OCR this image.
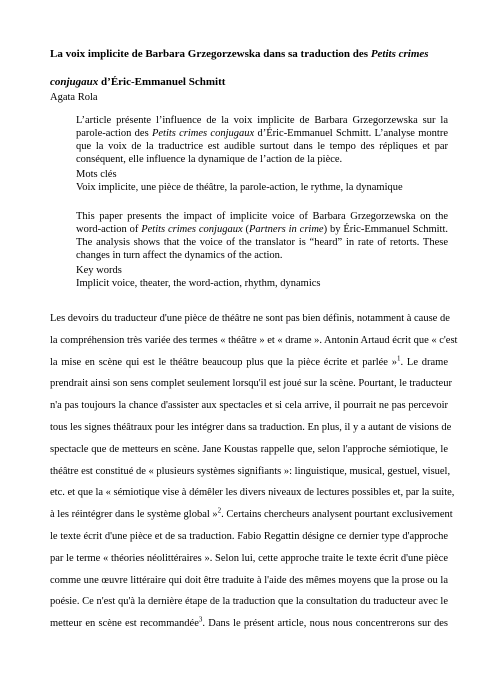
La voix implicite de Barbara Grzegorzewska dans sa traduction des Petits crimes
conjugaux d’Éric-Emmanuel Schmitt
Agata Rola

L’article présente l’influence de la voix implicite de Barbara Grzegorzewska sur la parole-action des Petits crimes conjugaux d’Éric-Emmanuel Schmitt. L’analyse montre que la voix de la traductrice est audible surtout dans le tempo des répliques et par conséquent, elle influence la dynamique de l’action de la pièce.

Mots clés

Voix implicite, une pièce de théâtre, la parole-action, le rythme, la dynamique

This paper presents the impact of implicite voice of Barbara Grzegorzewska on the word-action of Petits crimes conjugaux (Partners in crime) by Éric-Emmanuel Schmitt. The analysis shows that the voice of the translator is “heard” in rate of retorts. These changes in turn affect the dynamics of the action.

Key words

Implicit voice, theater, the word-action, rhythm, dynamics

Les devoirs du traducteur d'une pièce de théâtre ne sont pas bien définis, notamment à cause de
la compréhension très variée des termes « théâtre » et « drame ». Antonin Artaud écrit que « c'est
la mise en scène qui est le théâtre beaucoup plus que la pièce écrite et parlée »$^1$. Le drame
prendrait ainsi son sens complet seulement lorsqu'il est joué sur la scène. Pourtant, le traducteur
n'a pas toujours la chance d'assister aux spectacles et si cela arrive, il pourrait ne pas percevoir
tous les signes théâtraux pour les intégrer dans sa traduction. En plus, il y a autant de visions de
spectacle que de metteurs en scène. Jane Koustas rappelle que, selon l'approche sémiotique, le
théâtre est constitué de « plusieurs systèmes signifiants »: linguistique, musical, gestuel, visuel,
etc. et que la « sémiotique vise à démêler les divers niveaux de lectures possibles et, par la suite,
à les réintégrer dans le système global »$^2$. Certains chercheurs analysent pourtant exclusivement
le texte écrit d'une pièce et de sa traduction. Fabio Regattin désigne ce dernier type d'approche
par le terme « théories néolittéraires ». Selon lui, cette approche traite le texte écrit d'une pièce
comme une œuvre littéraire qui doit être traduite à l'aide des mêmes moyens que la prose ou la
poésie. Ce n'est qu'à la dernière étape de la traduction que la consultation du traducteur avec le
metteur en scène est recommandée$^3$. Dans le présent article, nous nous concentrerons sur des
